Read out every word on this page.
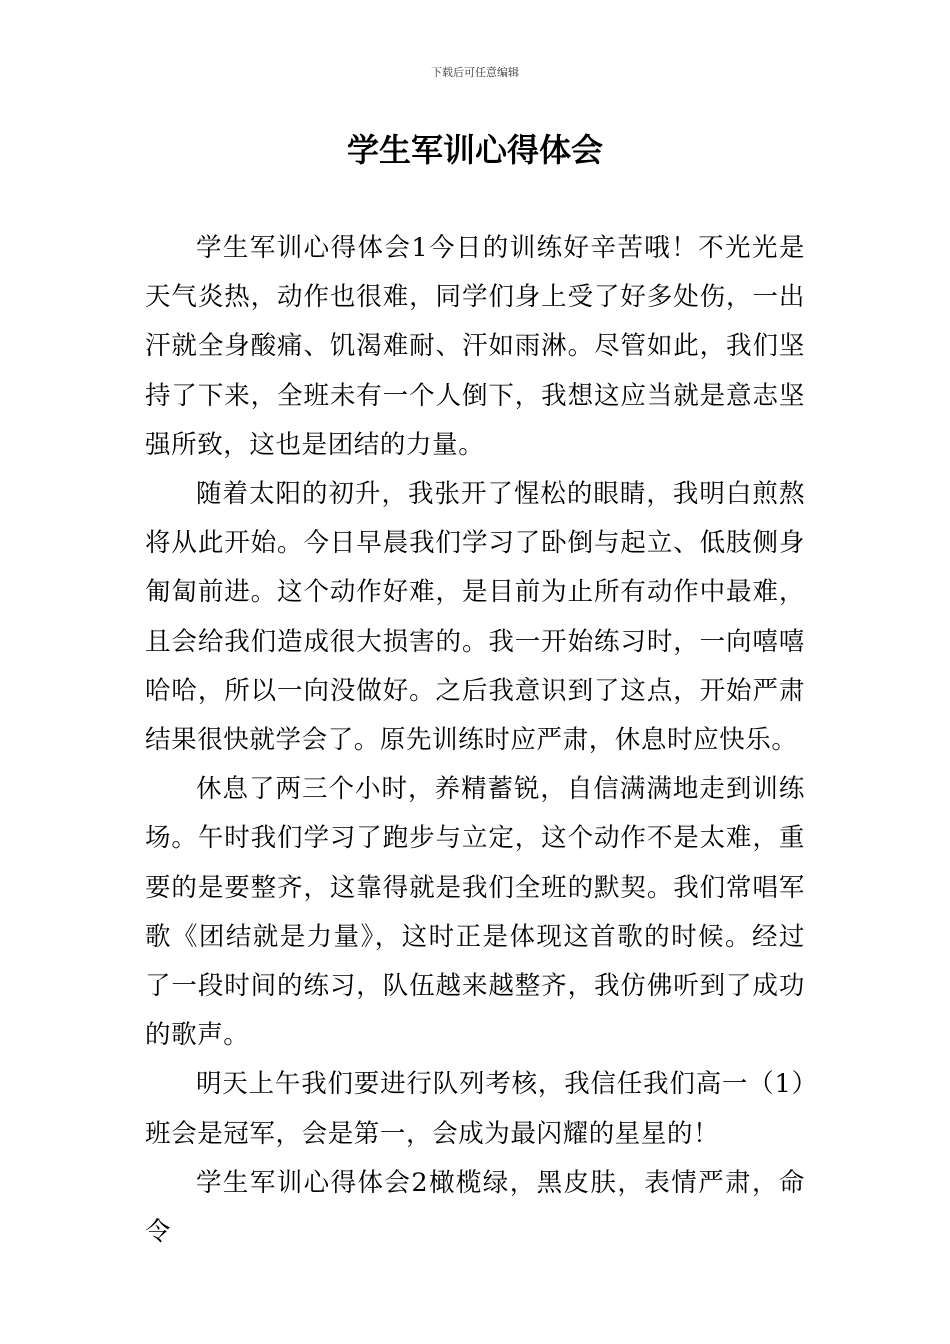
下载后可任意编辑
学生军训心得体会

学生军训心得体会1今日的训练好辛苦哦！不光光是天气炎热，动作也很难，同学们身上受了好多处伤，一出汗就全身酸痛、饥渴难耐、汗如雨淋。尽管如此，我们坚持了下来，全班未有一个人倒下，我想这应当就是意志坚强所致，这也是团结的力量。

随着太阳的初升，我张开了惺松的眼睛，我明白煎熬将从此开始。今日早晨我们学习了卧倒与起立、低肢侧身匍匐前进。这个动作好难，是目前为止所有动作中最难，且会给我们造成很大损害的。我一开始练习时，一向嘻嘻哈哈，所以一向没做好。之后我意识到了这点，开始严肃结果很快就学会了。原先训练时应严肃，休息时应快乐。

休息了两三个小时，养精蓄锐，自信满满地走到训练场。午时我们学习了跑步与立定，这个动作不是太难，重要的是要整齐，这靠得就是我们全班的默契。我们常唱军歌《团结就是力量》，这时正是体现这首歌的时候。经过了一段时间的练习，队伍越来越整齐，我仿佛听到了成功的歌声。

明天上午我们要进行队列考核，我信任我们高一（1）班会是冠军，会是第一，会成为最闪耀的星星的！

学生军训心得体会2橄榄绿，黑皮肤，表情严肃，命令
